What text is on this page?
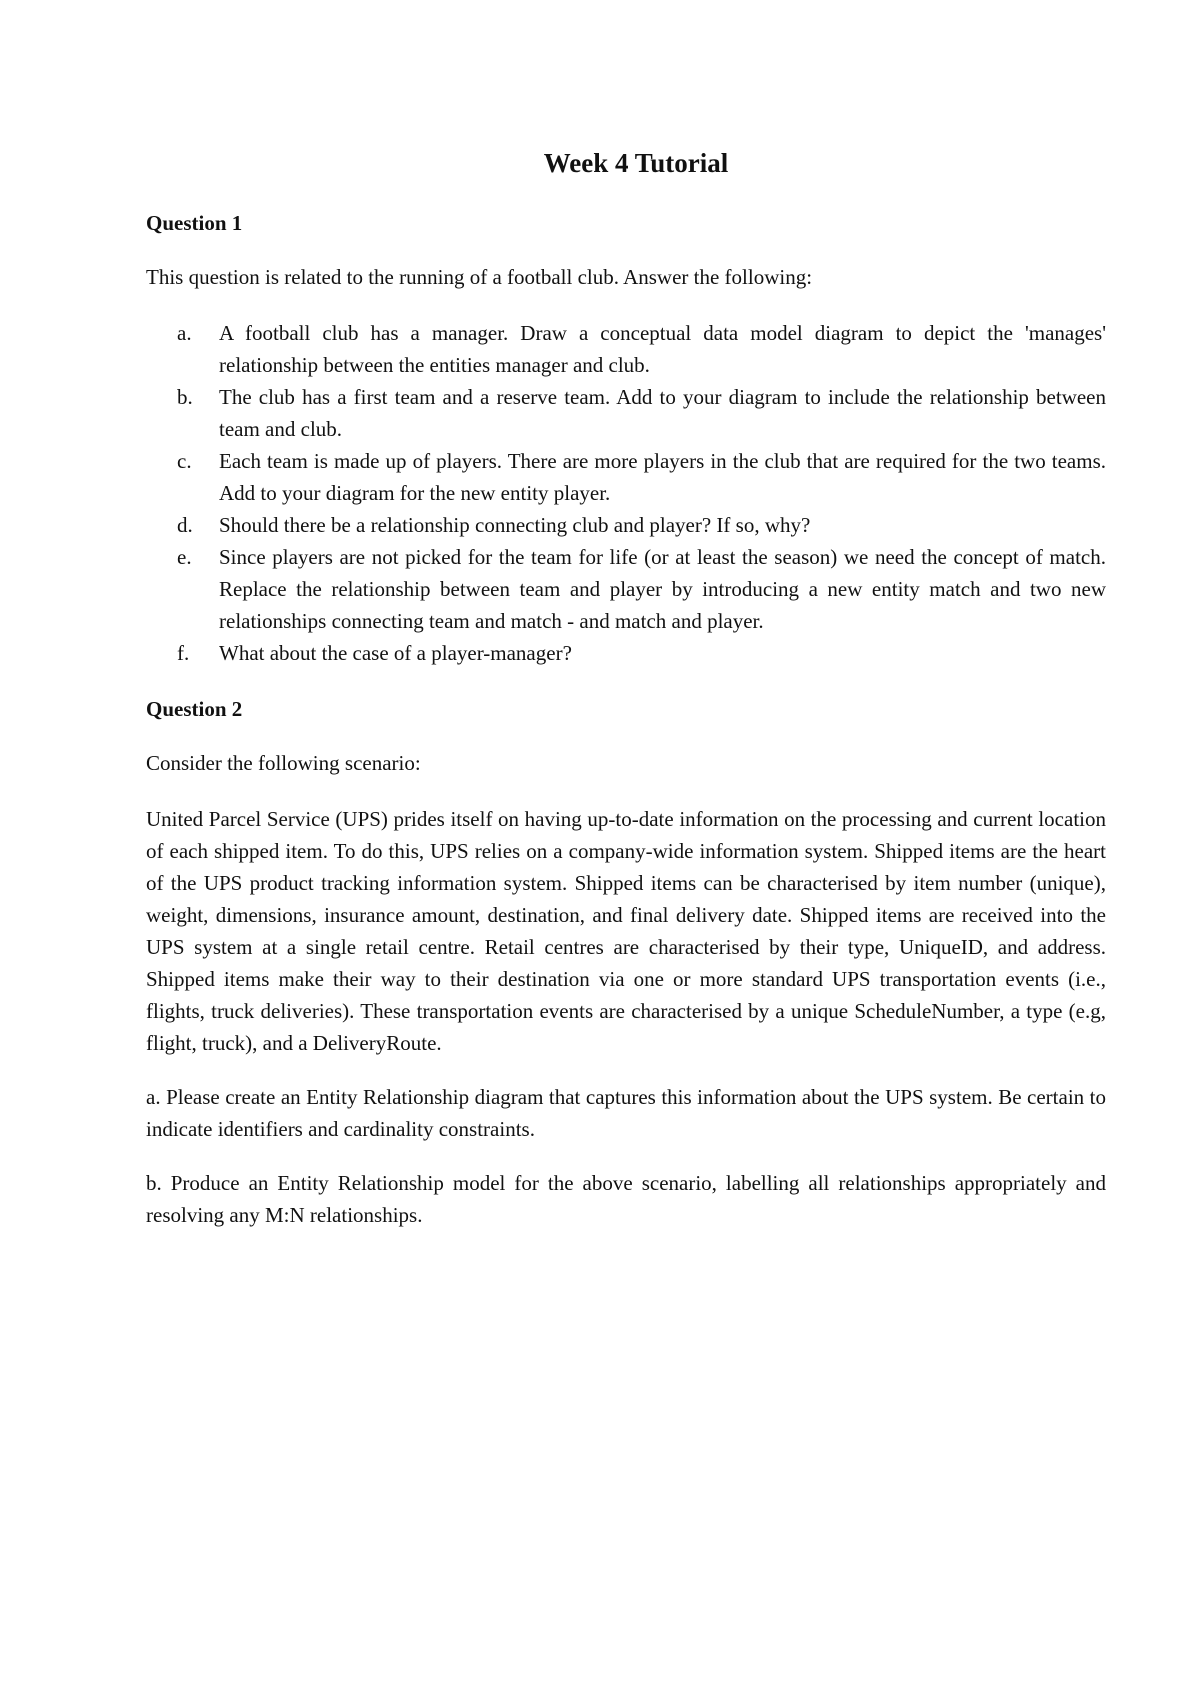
Week 4 Tutorial
Question 1
This question is related to the running of a football club. Answer the following:
a. A football club has a manager. Draw a conceptual data model diagram to depict the 'manages' relationship between the entities manager and club.
b. The club has a first team and a reserve team. Add to your diagram to include the relationship between team and club.
c. Each team is made up of players. There are more players in the club that are required for the two teams. Add to your diagram for the new entity player.
d. Should there be a relationship connecting club and player? If so, why?
e. Since players are not picked for the team for life (or at least the season) we need the concept of match. Replace the relationship between team and player by introducing a new entity match and two new relationships connecting team and match - and match and player.
f. What about the case of a player-manager?
Question 2
Consider the following scenario:

United Parcel Service (UPS) prides itself on having up-to-date information on the processing and current location of each shipped item. To do this, UPS relies on a company-wide information system. Shipped items are the heart of the UPS product tracking information system. Shipped items can be characterised by item number (unique), weight, dimensions, insurance amount, destination, and final delivery date. Shipped items are received into the UPS system at a single retail centre. Retail centres are characterised by their type, UniqueID, and address. Shipped items make their way to their destination via one or more standard UPS transportation events (i.e., flights, truck deliveries). These transportation events are characterised by a unique ScheduleNumber, a type (e.g, flight, truck), and a DeliveryRoute.

a. Please create an Entity Relationship diagram that captures this information about the UPS system. Be certain to indicate identifiers and cardinality constraints.

b. Produce an Entity Relationship model for the above scenario, labelling all relationships appropriately and resolving any M:N relationships.
